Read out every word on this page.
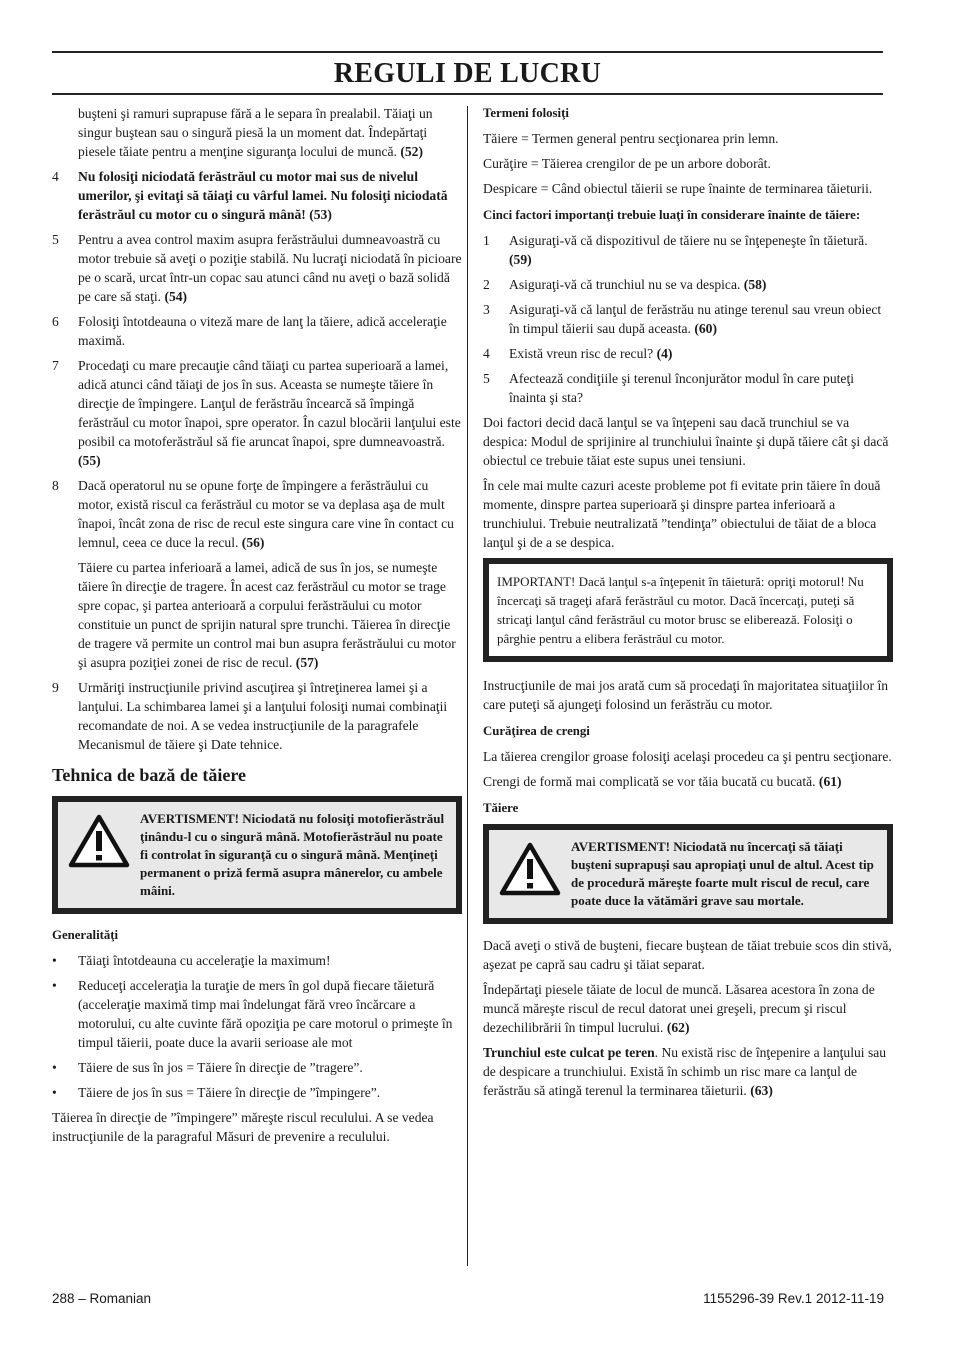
REGULI DE LUCRU

buşteni şi ramuri suprapuse fără a le separa în prealabil. Tăiaţi un singur buştean sau o singură piesă la un moment dat. Îndepărtaţi piesele tăiate pentru a menţine siguranţa locului de muncă. (52)

4	Nu folosiţi niciodată ferăstrăul cu motor mai sus de nivelul umerilor, şi evitaţi să tăiaţi cu vârful lamei. Nu folosiţi niciodată ferăstrăul cu motor cu o singură mână! (53)
5	Pentru a avea control maxim asupra ferăstrăului dumneavoastră cu motor trebuie să aveţi o poziţie stabilă. Nu lucraţi niciodată în picioare pe o scară, urcat într-un copac sau atunci când nu aveţi o bază solidă pe care să staţi. (54)
6	Folosiţi întotdeauna o viteză mare de lanţ la tăiere, adică acceleraţie maximă.
7	Procedaţi cu mare precauţie când tăiaţi cu partea superioară a lamei, adică atunci când tăiaţi de jos în sus. Aceasta se numeşte tăiere în direcţie de împingere. Lanţul de ferăstrău încearcă să împingă ferăstrăul cu motor înapoi, spre operator. În cazul blocării lanţului este posibil ca motoferăstrăul să fie aruncat înapoi, spre dumneavoastră. (55)
8	Dacă operatorul nu se opune forţe de împingere a ferăstrăului cu motor, există riscul ca ferăstrăul cu motor se va deplasa aşa de mult înapoi, încât zona de risc de recul este singura care vine în contact cu lemnul, ceea ce duce la recul. (56)

Tăiere cu partea inferioară a lamei, adică de sus în jos, se numeşte tăiere în direcţie de tragere. În acest caz ferăstrăul cu motor se trage spre copac, şi partea anterioară a corpului ferăstrăului cu motor constituie un punct de sprijin natural spre trunchi. Tăierea în direcţie de tragere vă permite un control mai bun asupra ferăstrăului cu motor şi asupra poziţiei zonei de risc de recul. (57)

9	Urmăriţi instrucţiunile privind ascuţirea şi întreţinerea lamei şi a lanţului. La schimbarea lamei şi a lanţului folosiţi numai combinaţii recomandate de noi. A se vedea instrucţiunile de la paragrafele Mecanismul de tăiere şi Date tehnice.
Tehnica de bază de tăiere
AVERTISMENT! Niciodată nu folosiţi motofierăstrăul ţinându-l cu o singură mână. Motofierăstrăul nu poate fi controlat în siguranţă cu o singură mână. Menţineţi permanent o priză fermă asupra mânerelor, cu ambele mâini.
Generalităţi
•	Tăiaţi întotdeauna cu acceleraţie la maximum!
•	Reduceţi acceleraţia la turaţie de mers în gol după fiecare tăietură (acceleraţie maximă timp mai îndelungat fără vreo încărcare a motorului, cu alte cuvinte fără opoziţia pe care motorul o primeşte în timpul tăierii, poate duce la avarii serioase ale mot
•	Tăiere de sus în jos = Tăiere în direcţie de ”tragere”.
•	Tăiere de jos în sus = Tăiere în direcţie de ”împingere”.

Tăierea în direcţie de ”împingere” măreşte riscul reculului. A se vedea instrucţiunile de la paragraful Măsuri de prevenire a reculului.

Termeni folosiţi

Tăiere = Termen general pentru secţionarea prin lemn.

Curăţire = Tăierea crengilor de pe un arbore doborât.

Despicare = Când obiectul tăierii se rupe înainte de terminarea tăieturii.

Cinci factori importanţi trebuie luaţi în considerare înainte de tăiere:
1	Asiguraţi-vă că dispozitivul de tăiere nu se înţepeneşte în tăietură. (59)
2	Asiguraţi-vă că trunchiul nu se va despica. (58)
3	Asiguraţi-vă că lanţul de ferăstrău nu atinge terenul sau vreun obiect în timpul tăierii sau după aceasta. (60)
4	Există vreun risc de recul? (4)
5	Afectează condiţiile şi terenul înconjurător modul în care puteţi înainta şi sta?

Doi factori decid dacă lanţul se va înţepeni sau dacă trunchiul se va despica: Modul de sprijinire al trunchiului înainte şi după tăiere cât şi dacă obiectul ce trebuie tăiat este supus unei tensiuni.

În cele mai multe cazuri aceste probleme pot fi evitate prin tăiere în două momente, dinspre partea superioară şi dinspre partea inferioară a trunchiului. Trebuie neutralizată ”tendinţa” obiectului de tăiat de a bloca lanţul şi de a se despica.

IMPORTANT! Dacă lanţul s-a înţepenit în tăietură: opriţi motorul! Nu încercaţi să trageţi afară ferăstrăul cu motor. Dacă încercaţi, puteţi să stricaţi lanţul când ferăstrăul cu motor brusc se eliberează. Folosiţi o pârghie pentru a elibera ferăstrăul cu motor.

Instrucţiunile de mai jos arată cum să procedaţi în majoritatea situaţiilor în care puteţi să ajungeţi folosind un ferăstrău cu motor.

Curăţirea de crengi

La tăierea crengilor groase folosiţi acelaşi procedeu ca şi pentru secţionare.

Crengi de formă mai complicată se vor tăia bucată cu bucată. (61)

Tăiere
AVERTISMENT! Niciodată nu încercaţi să tăiaţi buşteni suprapuşi sau apropiaţi unul de altul. Acest tip de procedură măreşte foarte mult riscul de recul, care poate duce la vătămări grave sau mortale.

Dacă aveţi o stivă de buşteni, fiecare buştean de tăiat trebuie scos din stivă, aşezat pe capră sau cadru şi tăiat separat.

Îndepărtaţi piesele tăiate de locul de muncă. Lăsarea acestora în zona de muncă măreşte riscul de recul datorat unei greşeli, precum şi riscul dezechilibrării în timpul lucrului. (62)

Trunchiul este culcat pe teren. Nu există risc de înţepenire a lanţului sau de despicare a trunchiului. Există în schimb un risc mare ca lanţul de ferăstrău să atingă terenul la terminarea tăieturii. (63)

288 – Romanian	1155296-39 Rev.1 2012-11-19
